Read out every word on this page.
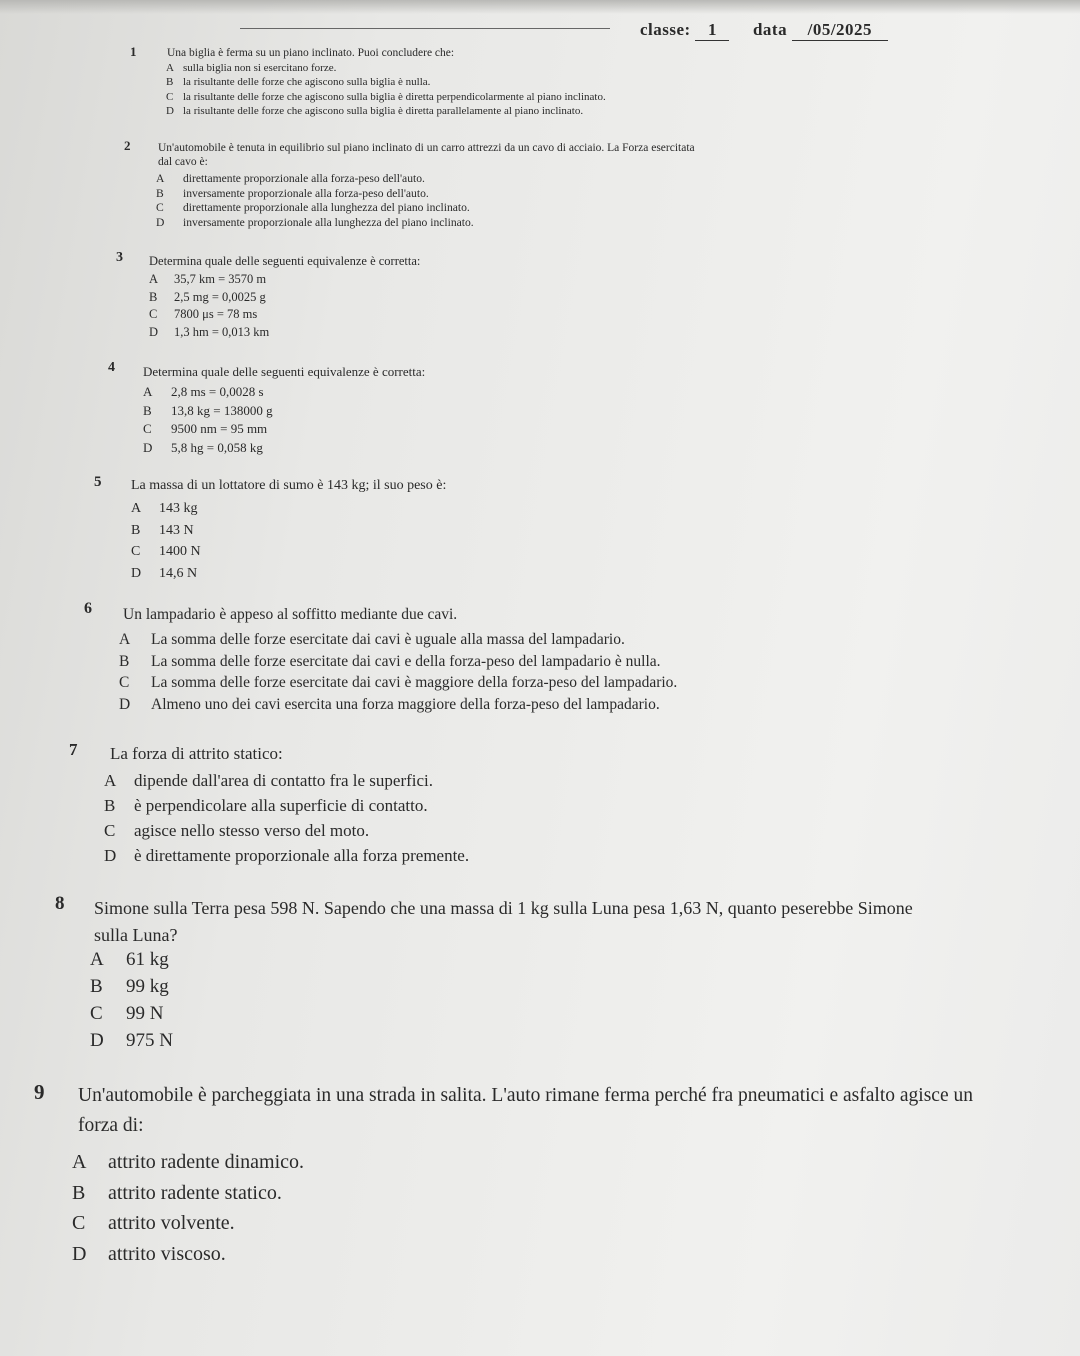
classe: 1 data /05/2025
1	Una biglia è ferma su un piano inclinato. Puoi concludere che:
A sulla biglia non si esercitano forze.
B la risultante delle forze che agiscono sulla biglia è nulla.
C la risultante delle forze che agiscono sulla biglia è diretta perpendicolarmente al piano inclinato.
D la risultante delle forze che agiscono sulla biglia è diretta parallelamente al piano inclinato.
2 Un'automobile è tenuta in equilibrio sul piano inclinato di un carro attrezzi da un cavo di acciaio. La Forza esercitata
dal cavo è:
A	direttamente proporzionale alla forza-peso dell'auto.
B	inversamente proporzionale alla forza-peso dell'auto.
C	direttamente proporzionale alla lunghezza del piano inclinato.
D	inversamente proporzionale alla lunghezza del piano inclinato.
3 Determina quale delle seguenti equivalenze è corretta:
A	35,7 km = 3570 m
B	2,5 mg = 0,0025 g
C	7800 μs = 78 ms
D	1,3 hm = 0,013 km
4 Determina quale delle seguenti equivalenze è corretta:
A	2,8 ms = 0,0028 s
B	13,8 kg = 138000 g
C	9500 nm = 95 mm
D	5,8 hg = 0,058 kg
5 La massa di un lottatore di sumo è 143 kg; il suo peso è:
A	143 kg
B	143 N
C	1400 N
D	14,6 N
6 Un lampadario è appeso al soffitto mediante due cavi.
A	La somma delle forze esercitate dai cavi è uguale alla massa del lampadario.
B	La somma delle forze esercitate dai cavi e della forza-peso del lampadario è nulla.
C	La somma delle forze esercitate dai cavi è maggiore della forza-peso del lampadario.
D	Almeno uno dei cavi esercita una forza maggiore della forza-peso del lampadario.
7 La forza di attrito statico:
A	dipende dall'area di contatto fra le superfici.
B	è perpendicolare alla superficie di contatto.
C	agisce nello stesso verso del moto.
D	è direttamente proporzionale alla forza premente.
8 Simone sulla Terra pesa 598 N. Sapendo che una massa di 1 kg sulla Luna pesa 1,63 N, quanto peserebbe Simone
sulla Luna?
A	61 kg
B	99 kg
C	99 N
D	975 N
9 Un'automobile è parcheggiata in una strada in salita. L'auto rimane ferma perché fra pneumatici e asfalto agisce un
forza di:
A	attrito radente dinamico.
B	attrito radente statico.
C	attrito volvente.
D	attrito viscoso.
